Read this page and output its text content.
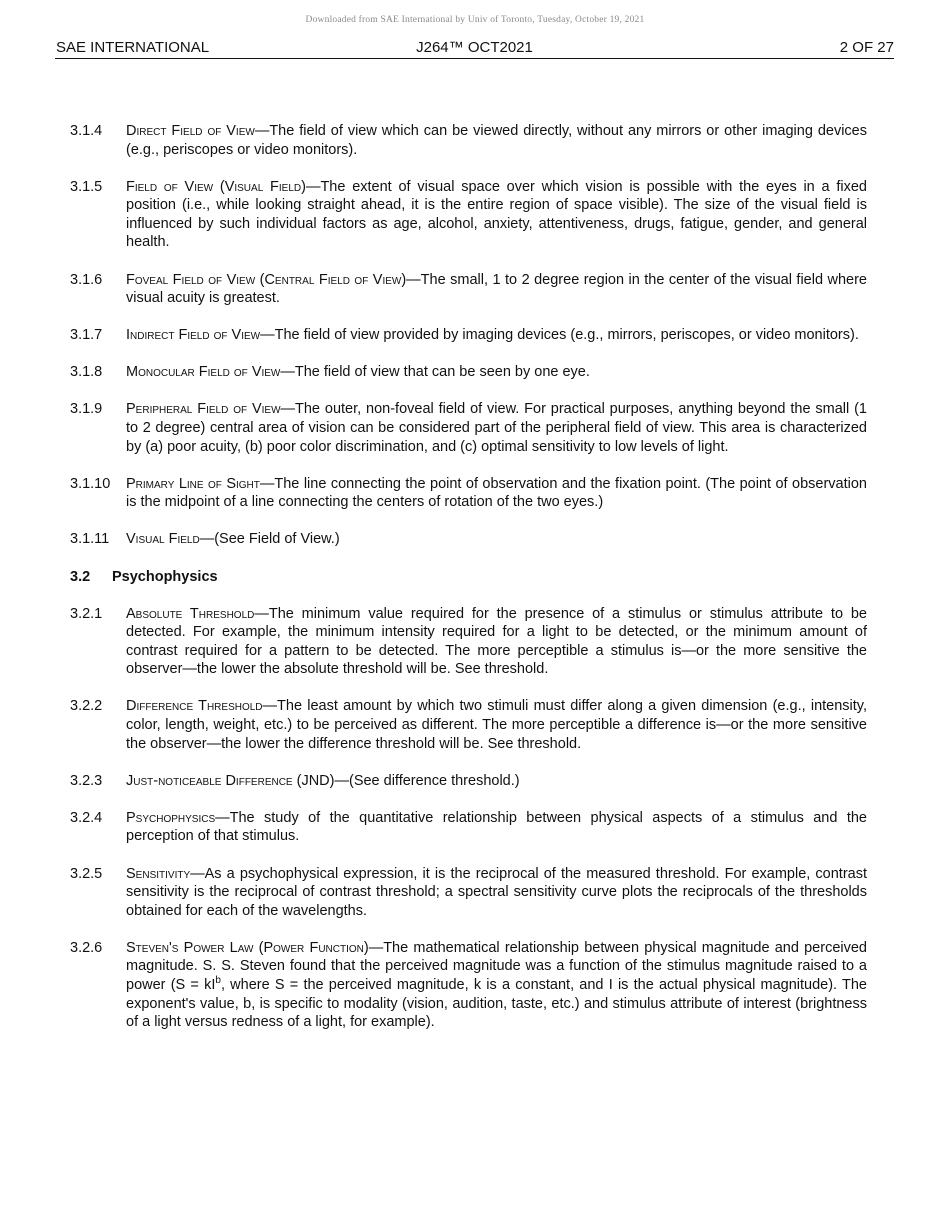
Downloaded from SAE International by Univ of Toronto, Tuesday, October 19, 2021
SAE INTERNATIONAL	J264™ OCT2021	2 OF 27
3.1.4 Direct Field of View—The field of view which can be viewed directly, without any mirrors or other imaging devices (e.g., periscopes or video monitors).
3.1.5 Field of View (Visual Field)—The extent of visual space over which vision is possible with the eyes in a fixed position (i.e., while looking straight ahead, it is the entire region of space visible). The size of the visual field is influenced by such individual factors as age, alcohol, anxiety, attentiveness, drugs, fatigue, gender, and general health.
3.1.6 Foveal Field of View (Central Field of View)—The small, 1 to 2 degree region in the center of the visual field where visual acuity is greatest.
3.1.7 Indirect Field of View—The field of view provided by imaging devices (e.g., mirrors, periscopes, or video monitors).
3.1.8 Monocular Field of View—The field of view that can be seen by one eye.
3.1.9 Peripheral Field of View—The outer, non-foveal field of view. For practical purposes, anything beyond the small (1 to 2 degree) central area of vision can be considered part of the peripheral field of view. This area is characterized by (a) poor acuity, (b) poor color discrimination, and (c) optimal sensitivity to low levels of light.
3.1.10 Primary Line of Sight—The line connecting the point of observation and the fixation point. (The point of observation is the midpoint of a line connecting the centers of rotation of the two eyes.)
3.1.11 Visual Field—(See Field of View.)
3.2 Psychophysics
3.2.1 Absolute Threshold—The minimum value required for the presence of a stimulus or stimulus attribute to be detected. For example, the minimum intensity required for a light to be detected, or the minimum amount of contrast required for a pattern to be detected. The more perceptible a stimulus is—or the more sensitive the observer—the lower the absolute threshold will be. See threshold.
3.2.2 Difference Threshold—The least amount by which two stimuli must differ along a given dimension (e.g., intensity, color, length, weight, etc.) to be perceived as different. The more perceptible a difference is—or the more sensitive the observer—the lower the difference threshold will be. See threshold.
3.2.3 Just-noticeable Difference (JND)—(See difference threshold.)
3.2.4 Psychophysics—The study of the quantitative relationship between physical aspects of a stimulus and the perception of that stimulus.
3.2.5 Sensitivity—As a psychophysical expression, it is the reciprocal of the measured threshold. For example, contrast sensitivity is the reciprocal of contrast threshold; a spectral sensitivity curve plots the reciprocals of the thresholds obtained for each of the wavelengths.
3.2.6 Steven's Power Law (Power Function)—The mathematical relationship between physical magnitude and perceived magnitude. S. S. Steven found that the perceived magnitude was a function of the stimulus magnitude raised to a power ($S = kI^b$, where S = the perceived magnitude, k is a constant, and I is the actual physical magnitude). The exponent's value, b, is specific to modality (vision, audition, taste, etc.) and stimulus attribute of interest (brightness of a light versus redness of a light, for example).
